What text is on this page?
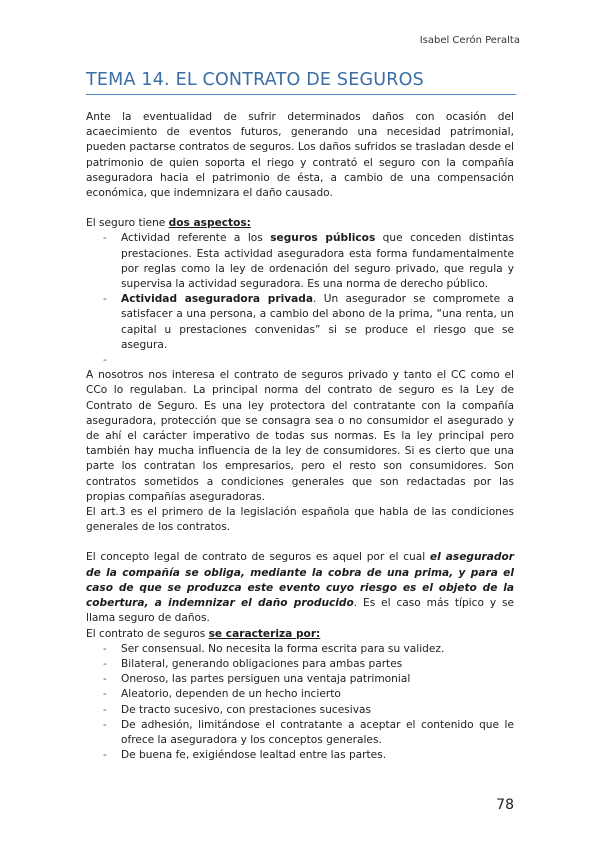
Isabel Cerón Peralta
TEMA 14. EL CONTRATO DE SEGUROS

Ante la eventualidad de sufrir determinados daños con ocasión del acaecimiento de eventos futuros, generando una necesidad patrimonial, pueden pactarse contratos de seguros. Los daños sufridos se trasladan desde el patrimonio de quien soporta el riego y contrató el seguro con la compañía aseguradora hacia el patrimonio de ésta, a cambio de una compensación económica, que indemnizara el daño causado.

El seguro tiene dos aspectos:

- Actividad referente a los seguros públicos que conceden distintas prestaciones. Esta actividad aseguradora esta forma fundamentalmente por reglas como la ley de ordenación del seguro privado, que regula y supervisa la actividad seguradora. Es una norma de derecho público.
- Actividad aseguradora privada. Un asegurador se compromete a satisfacer a una persona, a cambio del abono de la prima, “una renta, un capital u prestaciones convenidas” si se produce el riesgo que se asegura.
-

A nosotros nos interesa el contrato de seguros privado y tanto el CC como el CCo lo regulaban. La principal norma del contrato de seguro es la Ley de Contrato de Seguro. Es una ley protectora del contratante con la compañía aseguradora, protección que se consagra sea o no consumidor el asegurado y de ahí el carácter imperativo de todas sus normas. Es la ley principal pero también hay mucha influencia de la ley de consumidores. Si es cierto que una parte los contratan los empresarios, pero el resto son consumidores. Son contratos sometidos a condiciones generales que son redactadas por las propias compañías aseguradoras.

El art.3 es el primero de la legislación española que habla de las condiciones generales de los contratos.

El concepto legal de contrato de seguros es aquel por el cual el asegurador de la compañía se obliga, mediante la cobra de una prima, y para el caso de que se produzca este evento cuyo riesgo es el objeto de la cobertura, a indemnizar el daño producido. Es el caso más típico y se llama seguro de daños.

El contrato de seguros se caracteriza por:

- Ser consensual. No necesita la forma escrita para su validez.
- Bilateral, generando obligaciones para ambas partes
- Oneroso, las partes persiguen una ventaja patrimonial
- Aleatorio, dependen de un hecho incierto
- De tracto sucesivo, con prestaciones sucesivas
- De adhesión, limitándose el contratante a aceptar el contenido que le ofrece la aseguradora y los conceptos generales.
- De buena fe, exigiéndose lealtad entre las partes.
78
